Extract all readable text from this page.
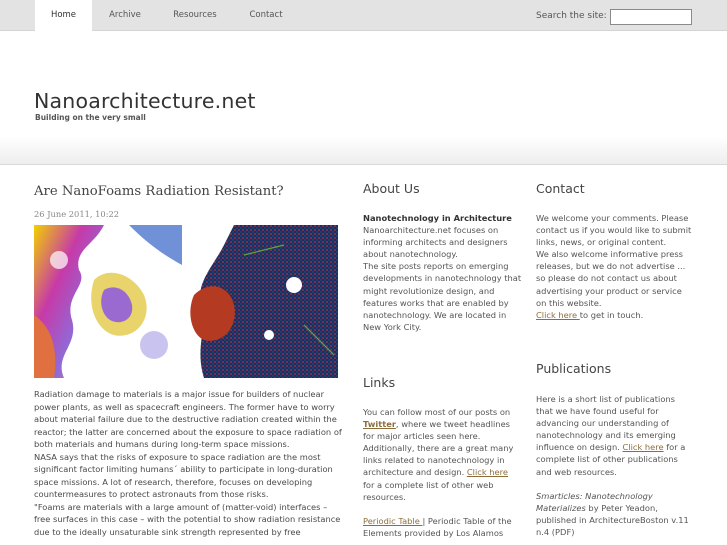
Home	Archive	Resources	Contact	Search the site:
Nanoarchitecture.net
Building on the very small
Are NanoFoams Radiation Resistant?
26 June 2011, 10:22

Radiation damage to materials is a major issue for builders of nuclear

power plants, as well as spacecraft engineers. The former have to worry

about material failure due to the destructive radiation created within the

reactor; the latter are concerned about the exposure to space radiation of

both materials and humans during long-term space missions.

NASA says that the risks of exposure to space radiation are the most

significant factor limiting humans´ ability to participate in long-duration

space missions. A lot of research, therefore, focuses on developing

countermeasures to protect astronauts from those risks.

"Foams are materials with a large amount of (matter-void) interfaces –

free surfaces in this case – with the potential to show radiation resistance

due to the ideally unsaturable sink strength represented by free

About Us

Nanotechnology in Architecture

Nanoarchitecture.net focuses on

informing architects and designers

about nanotechnology.

The site posts reports on emerging

developments in nanotechnology that

might revolutionize design, and

features works that are enabled by

nanotechnology. We are located in

New York City.

Links

You can follow most of our posts on

Twitter, where we tweet headlines

for major articles seen here.

Additionally, there are a great many

links related to nanotechnology in

architecture and design. Click here

for a complete list of other web

resources.

Periodic Table | Periodic Table of the

Elements provided by Los Alamos

Contact

We welcome your comments. Please

contact us if you would like to submit

links, news, or original content.

We also welcome informative press

releases, but we do not advertise ...

so please do not contact us about

advertising your product or service

on this website.

Click here to get in touch.

Publications

Here is a short list of publications

that we have found useful for

advancing our understanding of

nanotechnology and its emerging

influence on design. Click here for a

complete list of other publications

and web resources.

Smarticles: Nanotechnology

Materializes by Peter Yeadon,

published in ArchitectureBoston v.11

n.4 (PDF)
